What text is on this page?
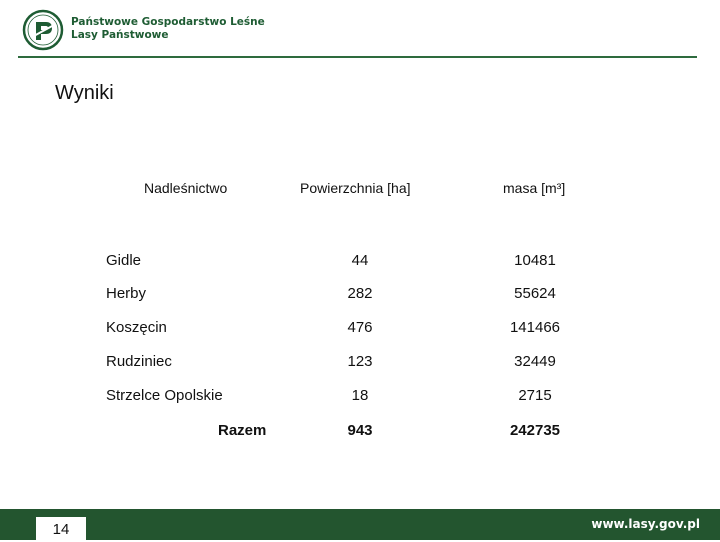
Państwowe Gospodarstwo Leśne
Lasy Państwowe
Wyniki
Nadleśnictwo	Powierzchnia [ha]	masa [m³]
Gidle	44	10481
Herby	282	55624
Koszęcin	476	141466
Rudziniec	123	32449
Strzelce Opolskie	18	2715
Razem	943	242735
14	www.lasy.gov.pl
